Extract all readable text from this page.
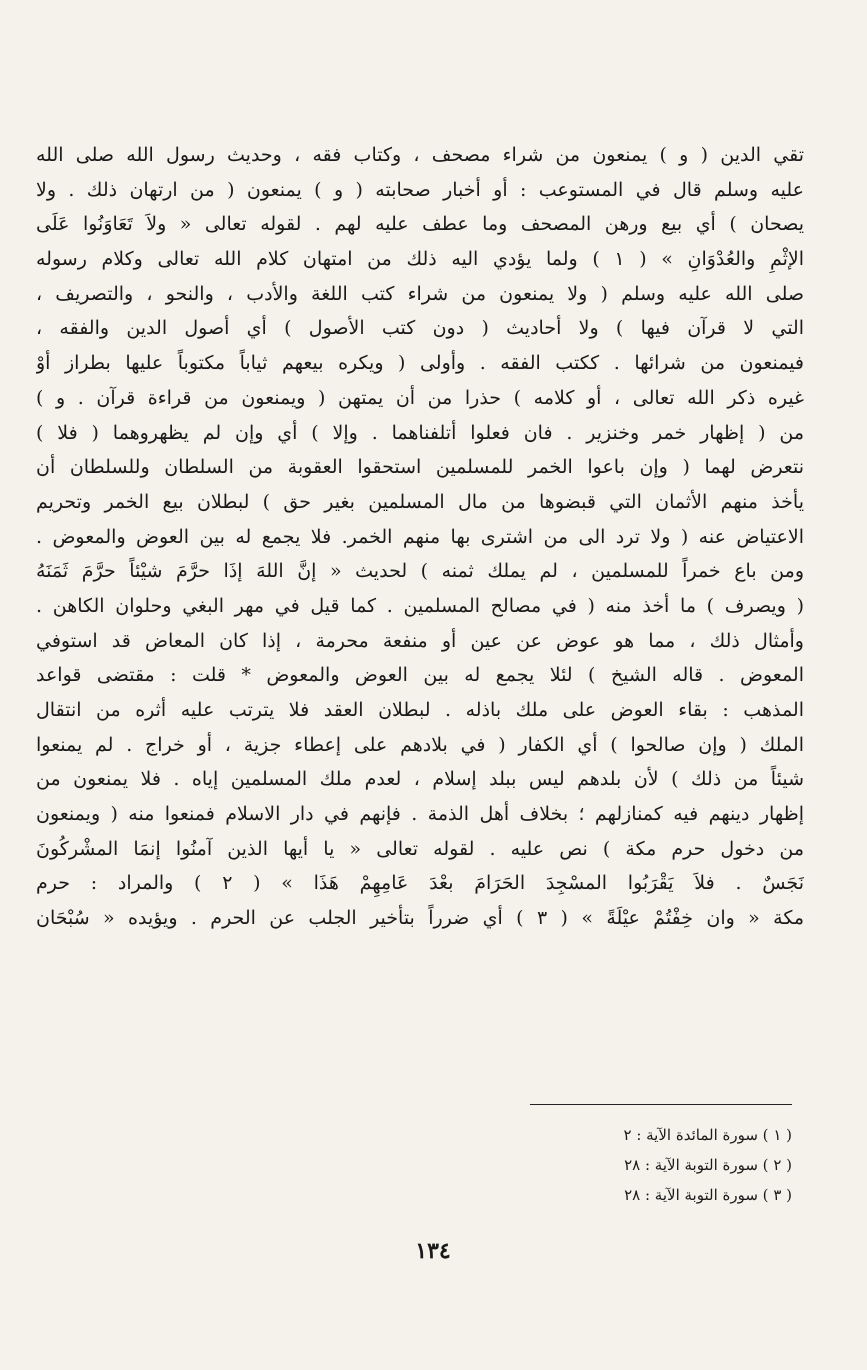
تقي الدين ( و ) يمنعون من شراء مصحف ، وكتاب فقه ، وحديث رسول الله صلى الله
عليه وسلم قال في المستوعب : أو أخبار صحابته ( و ) يمنعون ( من ارتهان ذلك . ولا
يصحان ) أي بيع ورهن المصحف وما عطف عليه لهم . لقوله تعالى « ولاَ تَعَاوَنُوا عَلَى
الإثْمِ والعُدْوَانِ » ( ١ ) ولما يؤدي اليه ذلك من امتهان كلام الله تعالى وكلام رسوله
صلى الله عليه وسلم ( ولا يمنعون من شراء كتب اللغة والأدب ، والنحو ، والتصريف ،
التي لا قرآن فيها ) ولا أحاديث ( دون كتب الأصول ) أي أصول الدين والفقه ،
فيمنعون من شرائها . ككتب الفقه . وأولى ( ويكره بيعهم ثياباً مكتوباً عليها بطراز أوْ
غيره ذكر الله تعالى ، أو كلامه ) حذرا من أن يمتهن ( ويمنعون من قراءة قرآن . و )
من ( إظهار خمر وخنزير . فان فعلوا أتلفناهما . وإلا ) أي وإن لم يظهروهما ( فلا )
نتعرض لهما ( وإن باعوا الخمر للمسلمين استحقوا العقوبة من السلطان وللسلطان أن
يأخذ منهم الأثمان التي قبضوها من مال المسلمين بغير حق ) لبطلان بيع الخمر وتحريم
الاعتياض عنه ( ولا ترد الى من اشترى بها منهم الخمر. فلا يجمع له بين العوض والمعوض .
ومن باع خمراً للمسلمين ، لم يملك ثمنه ) لحديث « إنَّ اللهَ إذَا حرَّمَ شيْئاً حرَّمَ ثَمَنَهُ
( ويصرف ) ما أخذ منه ( في مصالح المسلمين . كما قيل في مهر البغي وحلوان الكاهن .
وأمثال ذلك ، مما هو عوض عن عين أو منفعة محرمة ، إذا كان المعاض قد استوفي
المعوض . قاله الشيخ ) لئلا يجمع له بين العوض والمعوض * قلت : مقتضى قواعد
المذهب : بقاء العوض على ملك باذله . لبطلان العقد فلا يترتب عليه أثره من انتقال
الملك ( وإن صالحوا ) أي الكفار ( في بلادهم على إعطاء جزية ، أو خراج . لم يمنعوا
شيئاً من ذلك ) لأن بلدهم ليس ببلد إسلام ، لعدم ملك المسلمين إياه . فلا يمنعون من
إظهار دينهم فيه كمنازلهم ؛ بخلاف أهل الذمة . فإنهم في دار الاسلام فمنعوا منه ( ويمنعون
من دخول حرم مكة ) نص عليه . لقوله تعالى « يا أيها الذين آمنُوا إنمَا المشْركُونَ
نَجَسٌ . فلاَ يَقْرَبُوا المسْجِدَ الحَرَامَ بعْدَ عَامِهِمْ هَذَا » ( ٢ ) والمراد : حرم
مكة « وان خِفْتُمْ عيْلَةً » ( ٣ ) أي ضرراً بتأخير الجلب عن الحرم . ويؤيده « سُبْحَان
( ١ ) سورة المائدة الآية : ٢
( ٢ ) سورة التوبة الآية : ٢٨
( ٣ ) سورة التوبة الآية : ٢٨
١٣٤
